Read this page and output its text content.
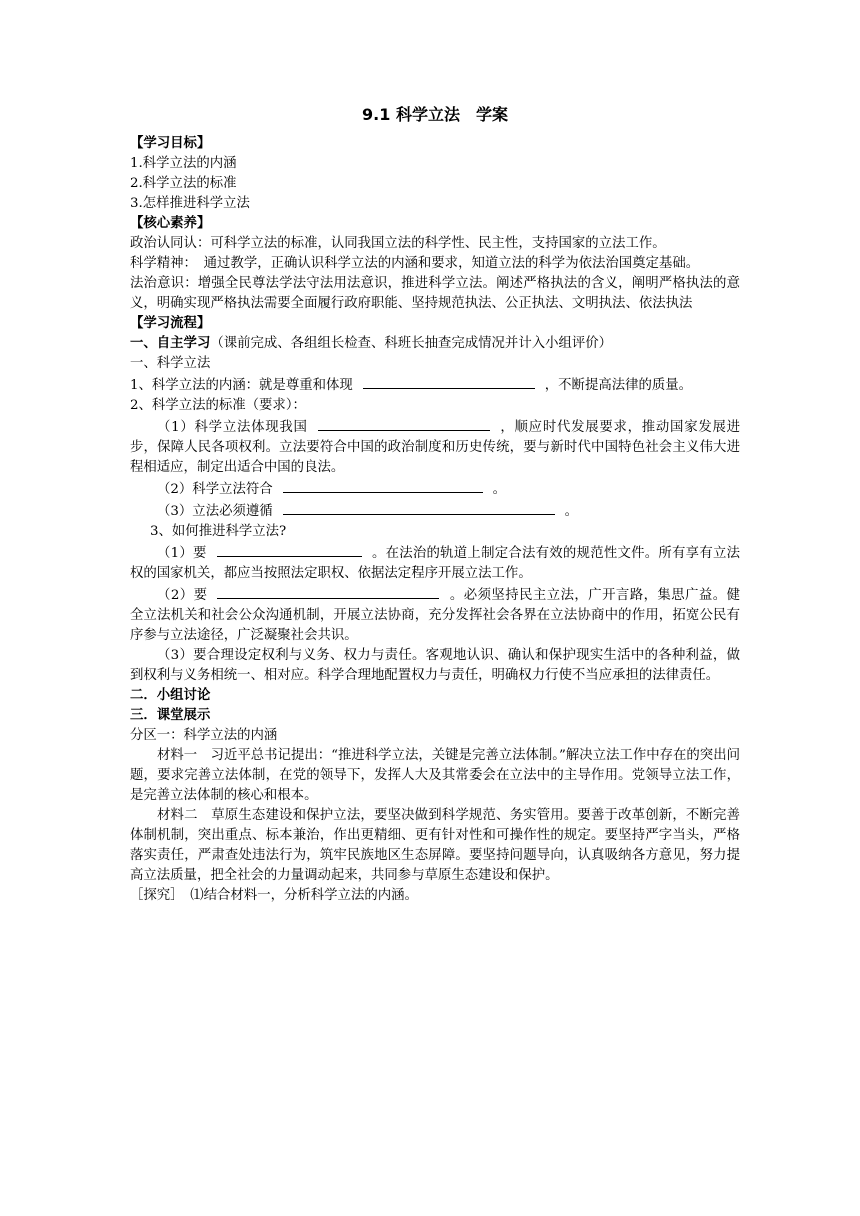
9.1 科学立法　学案
【学习目标】
1.科学立法的内涵
2.科学立法的标准
3.怎样推进科学立法
【核心素养】
政治认同认：可科学立法的标准，认同我国立法的科学性、民主性，支持国家的立法工作。
科学精神：　通过教学，正确认识科学立法的内涵和要求，知道立法的科学为依法治国奠定基础。
法治意识：增强全民尊法学法守法用法意识，推进科学立法。阐述严格执法的含义，阐明严格执法的意义，明确实现严格执法需要全面履行政府职能、坚持规范执法、公正执法、文明执法、依法执法
【学习流程】
一、自主学习（课前完成、各组组长检查、科班长抽查完成情况并计入小组评价）
一、科学立法
1、科学立法的内涵：就是尊重和体现	，不断提高法律的质量。
2、科学立法的标准（要求）：
（1）科学立法体现我国	，顺应时代发展要求，推动国家发展进步，保障人民各项权利。立法要符合中国的政治制度和历史传统，要与新时代中国特色社会主义伟大进程相适应，制定出适合中国的良法。
（2）科学立法符合	。
（3）立法必须遵循	。
3、如何推进科学立法?
（1）要	。在法治的轨道上制定合法有效的规范性文件。所有享有立法权的国家机关，都应当按照法定职权、依据法定程序开展立法工作。
（2）要	。必须坚持民主立法，广开言路，集思广益。健全立法机关和社会公众沟通机制，开展立法协商，充分发挥社会各界在立法协商中的作用，拓宽公民有序参与立法途径，广泛凝聚社会共识。
（3）要合理设定权利与义务、权力与责任。客观地认识、确认和保护现实生活中的各种利益，做到权利与义务相统一、相对应。科学合理地配置权力与责任，明确权力行使不当应承担的法律责任。
二．小组讨论
三．课堂展示
分区一：科学立法的内涵
材料一　习近平总书记提出：“推进科学立法，关键是完善立法体制。”解决立法工作中存在的突出问题，要求完善立法体制，在党的领导下，发挥人大及其常委会在立法中的主导作用。党领导立法工作，是完善立法体制的核心和根本。
材料二　草原生态建设和保护立法，要坚决做到科学规范、务实管用。要善于改革创新，不断完善体制机制，突出重点、标本兼治，作出更精细、更有针对性和可操作性的规定。要坚持严字当头，严格落实责任，严肃查处违法行为，筑牢民族地区生态屏障。要坚持问题导向，认真吸纳各方意见，努力提高立法质量，把全社会的力量调动起来，共同参与草原生态建设和保护。
［探究］　⑴结合材料一，分析科学立法的内涵。
